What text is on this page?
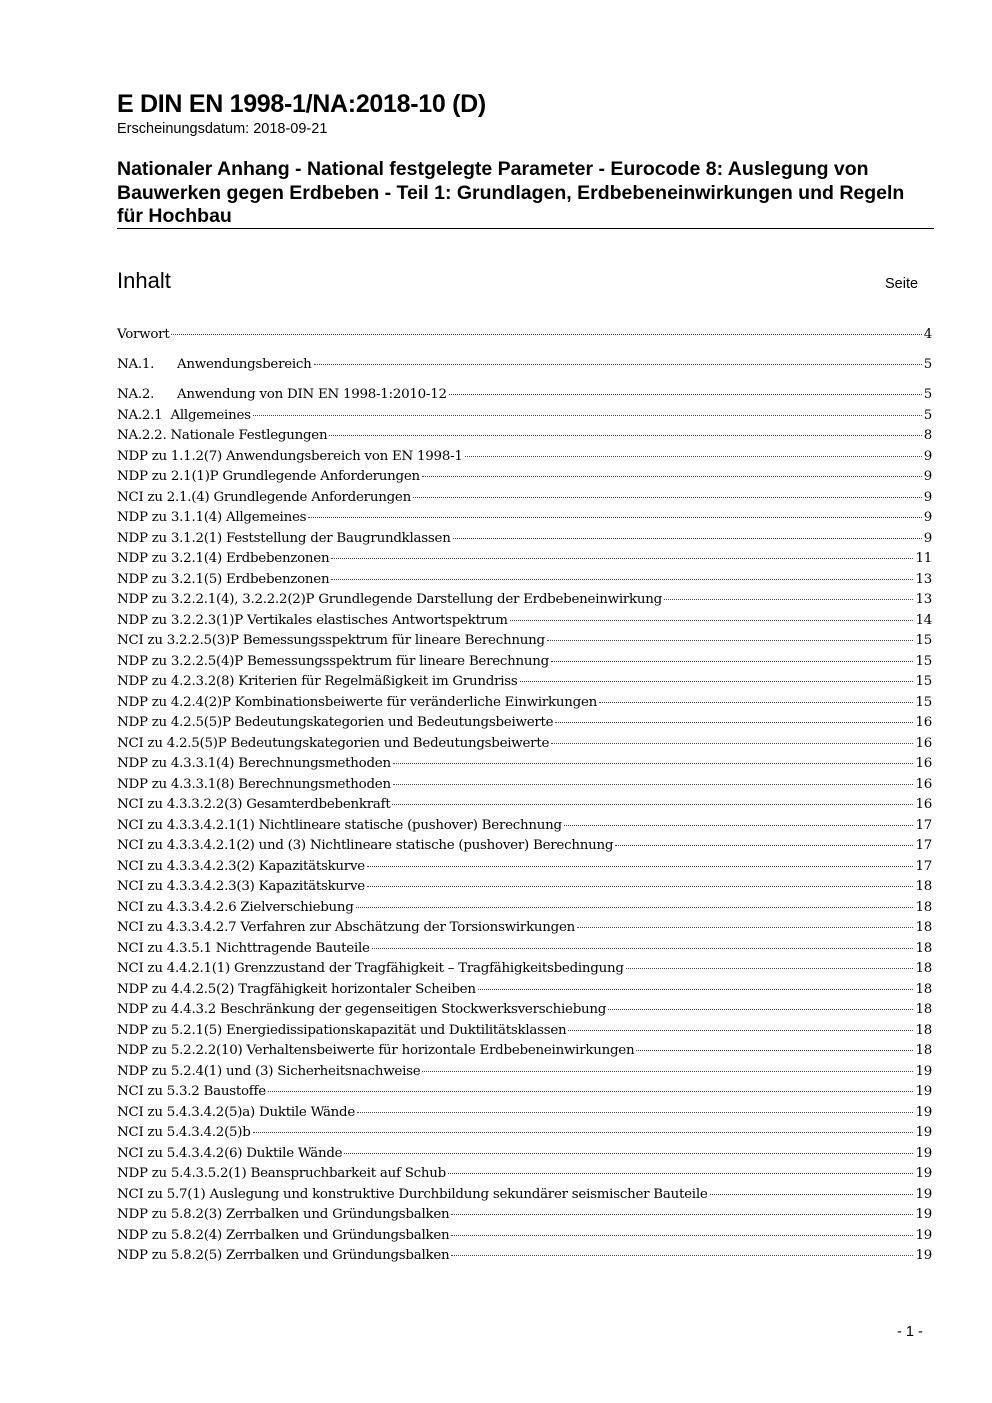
E DIN EN 1998-1/NA:2018-10 (D)
Erscheinungsdatum: 2018-09-21
Nationaler Anhang - National festgelegte Parameter - Eurocode 8: Auslegung von
Bauwerken gegen Erdbeben - Teil 1: Grundlagen, Erdbebeneinwirkungen und Regeln
für Hochbau
Inhalt	Seite
Vorwort	4
NA.1. Anwendungsbereich	5
NA.2. Anwendung von DIN EN 1998-1:2010-12	5
NA.2.1  Allgemeines	5
NA.2.2. Nationale Festlegungen	8
NDP zu 1.1.2(7) Anwendungsbereich von EN 1998-1	9
NDP zu 2.1(1)P Grundlegende Anforderungen	9
NCI zu 2.1.(4) Grundlegende Anforderungen	9
NDP zu 3.1.1(4) Allgemeines	9
NDP zu 3.1.2(1) Feststellung der Baugrundklassen	9
NDP zu 3.2.1(4) Erdbebenzonen	11
NDP zu 3.2.1(5) Erdbebenzonen	13
NDP zu 3.2.2.1(4), 3.2.2.2(2)P Grundlegende Darstellung der Erdbebeneinwirkung	13
NDP zu 3.2.2.3(1)P Vertikales elastisches Antwortspektrum	14
NCI zu 3.2.2.5(3)P Bemessungsspektrum für lineare Berechnung	15
NDP zu 3.2.2.5(4)P Bemessungsspektrum für lineare Berechnung	15
NDP zu 4.2.3.2(8) Kriterien für Regelmäßigkeit im Grundriss	15
NDP zu 4.2.4(2)P Kombinationsbeiwerte für veränderliche Einwirkungen	15
NDP zu 4.2.5(5)P Bedeutungskategorien und Bedeutungsbeiwerte	16
NCI zu 4.2.5(5)P Bedeutungskategorien und Bedeutungsbeiwerte	16
NDP zu 4.3.3.1(4) Berechnungsmethoden	16
NDP zu 4.3.3.1(8) Berechnungsmethoden	16
NCI zu 4.3.3.2.2(3) Gesamterdbebenkraft	16
NCI zu 4.3.3.4.2.1(1) Nichtlineare statische (pushover) Berechnung	17
NCI zu 4.3.3.4.2.1(2) und (3) Nichtlineare statische (pushover) Berechnung	17
NCI zu 4.3.3.4.2.3(2) Kapazitätskurve	17
NCI zu 4.3.3.4.2.3(3) Kapazitätskurve	18
NCI zu 4.3.3.4.2.6 Zielverschiebung	18
NCI zu 4.3.3.4.2.7 Verfahren zur Abschätzung der Torsionswirkungen	18
NCI zu 4.3.5.1 Nichttragende Bauteile	18
NCI zu 4.4.2.1(1) Grenzzustand der Tragfähigkeit – Tragfähigkeitsbedingung	18
NDP zu 4.4.2.5(2) Tragfähigkeit horizontaler Scheiben	18
NDP zu 4.4.3.2 Beschränkung der gegenseitigen Stockwerksverschiebung	18
NDP zu 5.2.1(5) Energiedissipationskapazität und Duktilitätsklassen	18
NDP zu 5.2.2.2(10) Verhaltensbeiwerte für horizontale Erdbebeneinwirkungen	18
NDP zu 5.2.4(1) und (3) Sicherheitsnachweise	19
NCI zu 5.3.2 Baustoffe	19
NCI zu 5.4.3.4.2(5)a) Duktile Wände	19
NCI zu 5.4.3.4.2(5)b	19
NCI zu 5.4.3.4.2(6) Duktile Wände	19
NDP zu 5.4.3.5.2(1) Beanspruchbarkeit auf Schub	19
NCI zu 5.7(1) Auslegung und konstruktive Durchbildung sekundärer seismischer Bauteile	19
NDP zu 5.8.2(3) Zerrbalken und Gründungsbalken	19
NDP zu 5.8.2(4) Zerrbalken und Gründungsbalken	19
NDP zu 5.8.2(5) Zerrbalken und Gründungsbalken	19
- 1 -
